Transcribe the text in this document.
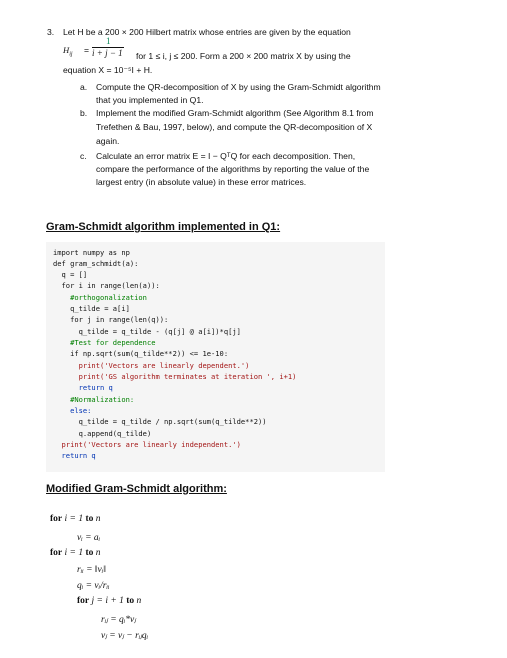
3. Let H be a 200 × 200 Hilbert matrix whose entries are given by the equation
$H_{ij}$ =
1
i + j − 1 for 1 ≤ i, j ≤ 200. Form a 200 × 200 matrix X by using the
equation X = 10⁻⁵I + H.
a. Compute the QR-decomposition of X by using the Gram-Schmidt algorithm
that you implemented in Q1.
b. Implement the modified Gram-Schmidt algorithm (See Algorithm 8.1 from
Trefethen & Bau, 1997, below), and compute the QR-decomposition of X
again.
c. Calculate an error matrix E = I − QᵀQ for each decomposition. Then,
compare the performance of the algorithms by reporting the value of the
largest entry (in absolute value) in these error matrices.
Gram-Schmidt algorithm implemented in Q1:
import numpy as np
def gram_schmidt(a):
q = []
for i in range(len(a)):
#orthogonalization
q_tilde = a[i]
for j in range(len(q)):
q_tilde = q_tilde - (q[j] @ a[i])*q[j]
#Test for dependence
if np.sqrt(sum(q_tilde**2)) <= 1e-10:
print('Vectors are linearly dependent.')
print('GS algorithm terminates at iteration ', i+1)
return q
#Normalization:
else:
q_tilde = q_tilde / np.sqrt(sum(q_tilde**2))
q.append(q_tilde)
print('Vectors are linearly independent.')
return q
Modified Gram-Schmidt algorithm:
for i = 1 to n
vᵢ = aᵢ
for i = 1 to n
rᵢᵢ = ‖vᵢ‖
qᵢ = vᵢ/rᵢᵢ
for j = i + 1 to n
rᵢⱼ = qᵢ*vⱼ
vⱼ = vⱼ − rᵢⱼqᵢ
